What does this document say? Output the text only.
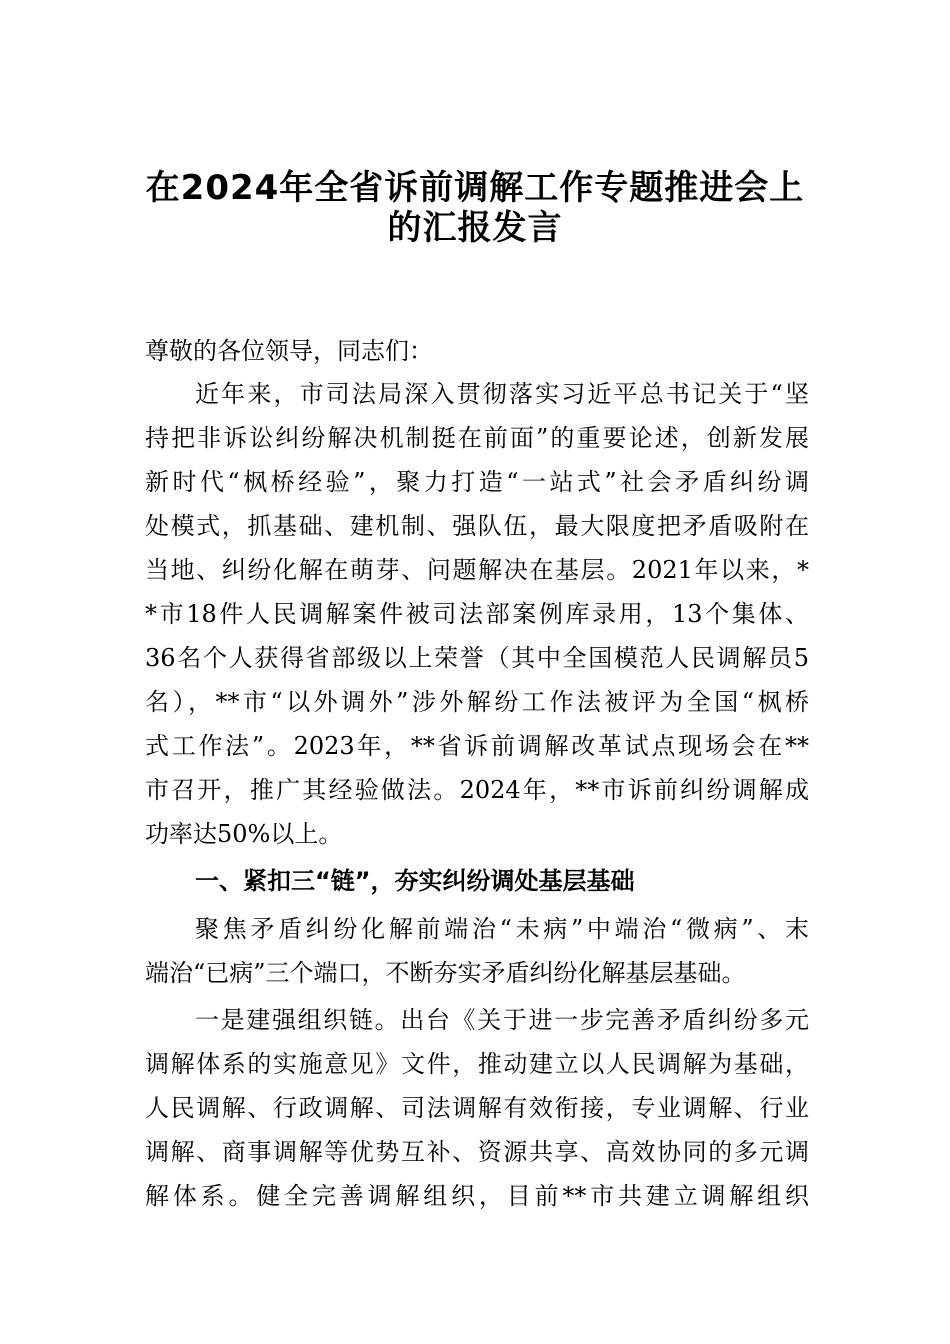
在2024年全省诉前调解工作专题推进会上
的汇报发言
尊敬的各位领导，同志们：
近年来，市司法局深入贯彻落实习近平总书记关于“坚
持把非诉讼纠纷解决机制挺在前面”的重要论述，创新发展
新时代“枫桥经验”，聚力打造“一站式”社会矛盾纠纷调
处模式，抓基础、建机制、强队伍，最大限度把矛盾吸附在
当地、纠纷化解在萌芽、问题解决在基层。2021年以来，*
*市18件人民调解案件被司法部案例库录用，13个集体、
36名个人获得省部级以上荣誉（其中全国模范人民调解员5
名），**市“以外调外”涉外解纷工作法被评为全国“枫桥
式工作法”。2023年，**省诉前调解改革试点现场会在**
市召开，推广其经验做法。2024年，**市诉前纠纷调解成
功率达50%以上。
一、紧扣三“链”，夯实纠纷调处基层基础
聚焦矛盾纠纷化解前端治“未病”中端治“微病”、末
端治“已病”三个端口，不断夯实矛盾纠纷化解基层基础。
一是建强组织链。出台《关于进一步完善矛盾纠纷多元
调解体系的实施意见》文件，推动建立以人民调解为基础，
人民调解、行政调解、司法调解有效衔接，专业调解、行业
调解、商事调解等优势互补、资源共享、高效协同的多元调
解体系。健全完善调解组织，目前**市共建立调解组织
